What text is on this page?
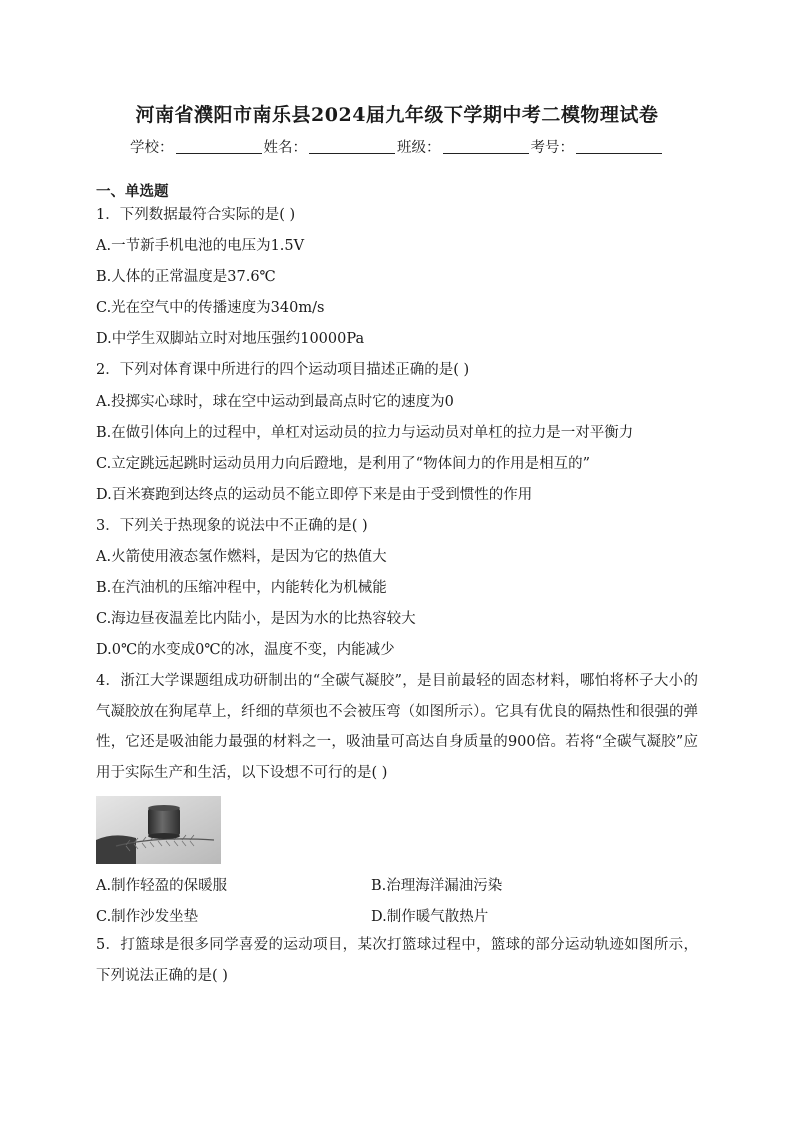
河南省濮阳市南乐县2024届九年级下学期中考二模物理试卷
学校：	姓名：	班级：	考号：
一、单选题
1．下列数据最符合实际的是( )
A.一节新手机电池的电压为1.5V
B.人体的正常温度是37.6℃
C.光在空气中的传播速度为340m/s
D.中学生双脚站立时对地压强约10000Pa
2．下列对体育课中所进行的四个运动项目描述正确的是( )
A.投掷实心球时，球在空中运动到最高点时它的速度为0
B.在做引体向上的过程中，单杠对运动员的拉力与运动员对单杠的拉力是一对平衡力
C.立定跳远起跳时运动员用力向后蹬地，是利用了“物体间力的作用是相互的”
D.百米赛跑到达终点的运动员不能立即停下来是由于受到惯性的作用
3．下列关于热现象的说法中不正确的是( )
A.火箭使用液态氢作燃料，是因为它的热值大
B.在汽油机的压缩冲程中，内能转化为机械能
C.海边昼夜温差比内陆小，是因为水的比热容较大
D.0℃的水变成0℃的冰，温度不变，内能减少
4．浙江大学课题组成功研制出的“全碳气凝胶”，是目前最轻的固态材料，哪怕将杯子大小的气凝胶放在狗尾草上，纤细的草须也不会被压弯（如图所示）。它具有优良的隔热性和很强的弹性，它还是吸油能力最强的材料之一，吸油量可高达自身质量的900倍。若将“全碳气凝胶”应用于实际生产和生活，以下设想不可行的是( )
A.制作轻盈的保暖服	B.治理海洋漏油污染
C.制作沙发坐垫	D.制作暖气散热片
5．打篮球是很多同学喜爱的运动项目，某次打篮球过程中，篮球的部分运动轨迹如图所示，下列说法正确的是( )
